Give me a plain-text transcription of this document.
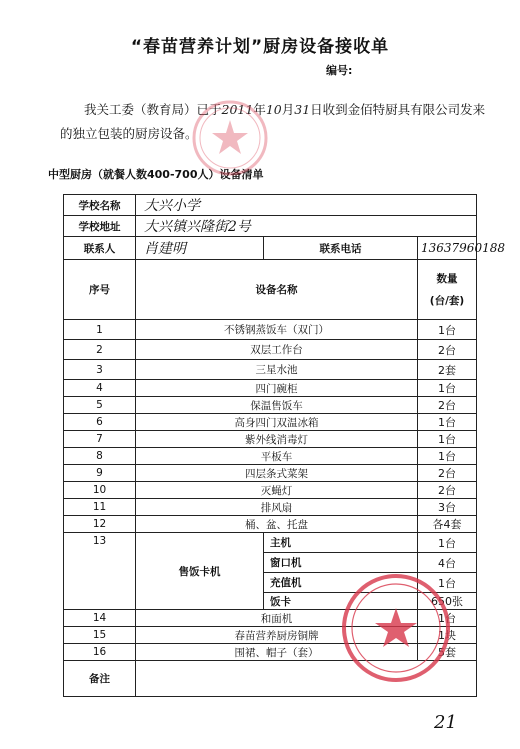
“春苗营养计划”厨房设备接收单
编号:
我关工委（教育局）已于2011年10月31日收到金佰特厨具有限公司发来的独立包装的厨房设备。
中型厨房（就餐人数400-700人）设备清单
学校名称	大兴小学		
学校地址	大兴镇兴隆街2号		
联系人	肖建明	联系电话	13637960188
序号	设备名称		数量
(台/套)

1	不锈钢蒸饭车（双门）		1台
2	双层工作台		2台
3	三星水池		2套
4	四门碗柜		1台
5	保温售饭车		2台
6	高身四门双温冰箱		1台
7	紫外线消毒灯		1台
8	平板车		1台
9	四层条式菜架		2台
10	灭蝇灯		2台
11	排风扇		3台
12	桶、盆、托盘		各4套
13	售饭卡机	主机	1台
		窗口机	4台
		充值机	1台
		饭卡	650张
14	和面机		1台
15	春苗营养厨房铜牌		1块
16	围裙、帽子（套）		5套
备注			
21
